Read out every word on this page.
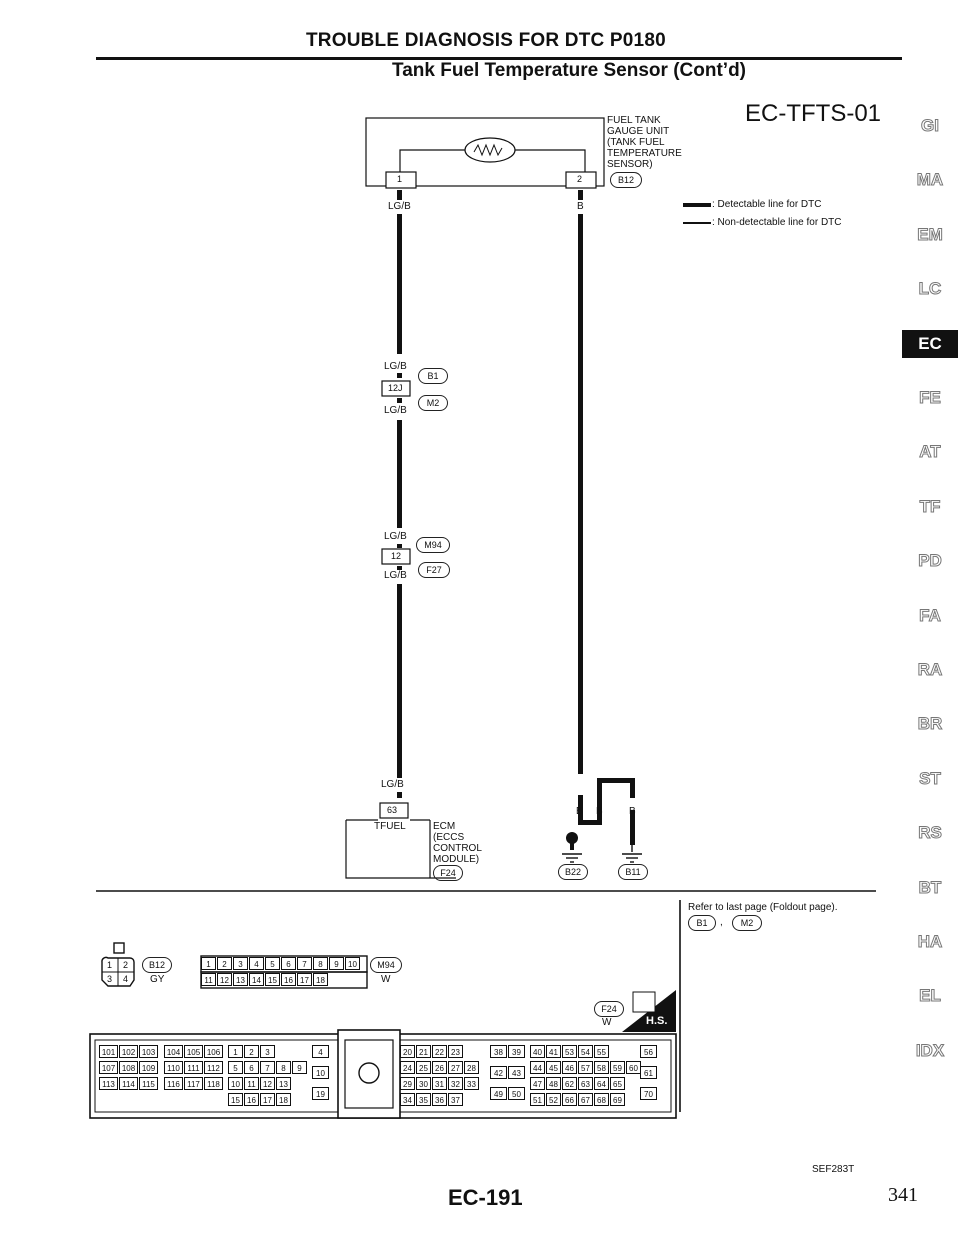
TROUBLE DIAGNOSIS FOR DTC P0180
Tank Fuel Temperature Sensor (Cont’d)
EC-TFTS-01
: Detectable line for DTC
: Non-detectable line for DTC
FUEL TANK
GAUGE UNIT
(TANK FUEL
TEMPERATURE
SENSOR)
B12
1	2
LG/B	B
LG/B
12J
B1
M2
LG/B
LG/B
12
M94
F27
LG/B
LG/B
63
TFUEL	ECM
(ECCS
CONTROL
MODULE)
F24
B B	B
B22	B11
Refer to last page (Foldout page).
B1	,	M2
1 2
3 4
B12
GY
1	2	3	4	5	6	7	8	9	10
11 12 13 14 15 16 17 18
M94
W
F24
W	H.S.
101 102 103
107 108 109
113 114 115
104 105 106
110 111 112
116 117 118
1	2	3
5	6	7	8	9
10 11 12 13
15 16 17 18
4
10
19
20 21 22 23
24 25 26 27 28
29 30 31 32 33
34 35 36 37
38	39
42	43
49	50
40 41 53 54 55
44 45 46 57 58 59 60
47 48 62 63 64 65
51 52 66 67 68 69
56
61
70
SEF283T
EC-191	341
GI
MA
EM
LC
EC
FE
AT
TF
PD
FA
RA
BR
ST
RS
BT
HA
EL
IDX
